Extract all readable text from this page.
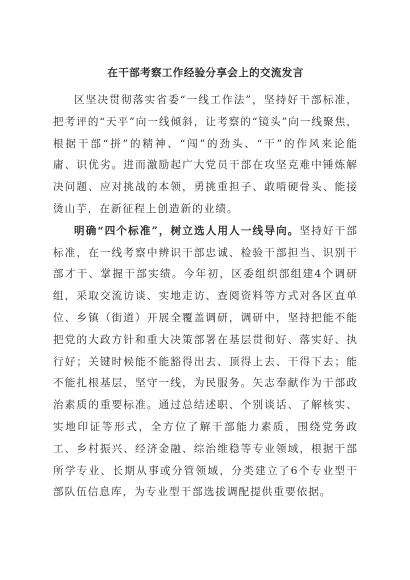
在干部考察工作经验分享会上的交流发言

区坚决贯彻落实省委“一线工作法”，坚持好干部标准，把考评的“天平”向一线倾斜，让考察的“镜头”向一线聚焦，根据干部“拼”的精神、“闯”的劲头、“干”的作风来论能庸、识优劣。进而激励起广大党员干部在攻坚克难中锤炼解决问题、应对挑战的本领，勇挑重担子、敢啃硬骨头、能接烫山芋，在新征程上创造新的业绩。

明确“四个标准”，树立选人用人一线导向。坚持好干部标准，在一线考察中辨识干部忠诚、检验干部担当、识别干部才干、掌握干部实绩。今年初，区委组织部组建4个调研组，采取交流访谈、实地走访、查阅资料等方式对各区直单位、乡镇（街道）开展全覆盖调研，调研中，坚持把能不能把党的大政方针和重大决策部署在基层贯彻好、落实好、执行好；关键时候能不能豁得出去、顶得上去、干得下去；能不能扎根基层，坚守一线，为民服务。矢志奉献作为干部政治素质的重要标准。通过总结述职、个别谈话、了解核实、实地印证等形式，全方位了解干部能力素质，围绕党务政工、乡村振兴、经济金融、综治维稳等专业领域，根据干部所学专业、长期从事或分管领域，分类建立了6个专业型干部队伍信息库，为专业型干部选拔调配提供重要依据。
